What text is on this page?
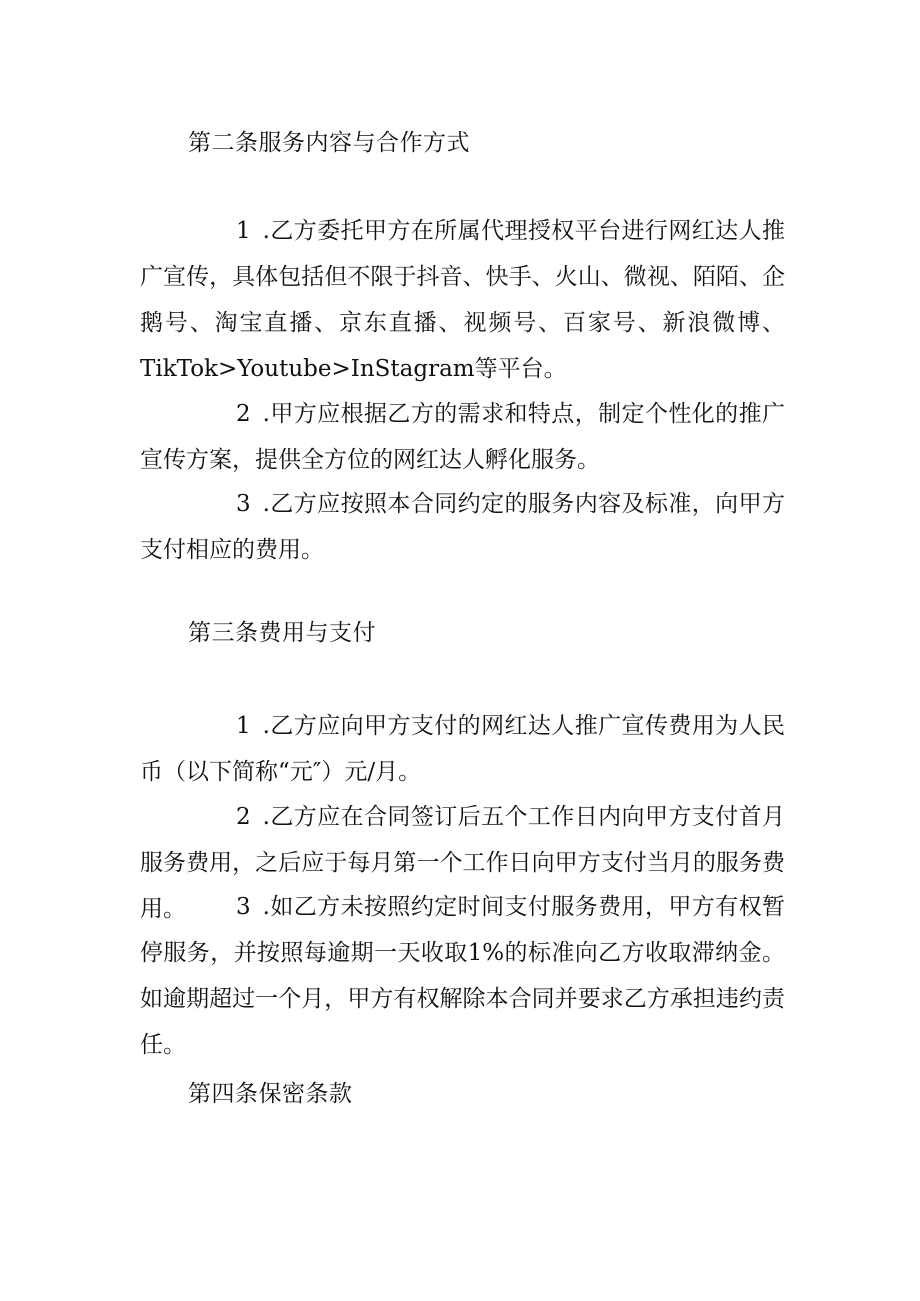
第二条服务内容与合作方式
1 .乙方委托甲方在所属代理授权平台进行网红达人推广宣传，具体包括但不限于抖音、快手、火山、微视、陌陌、企鹅号、淘宝直播、京东直播、视频号、百家号、新浪微博、TikTok>Youtube>InStagram等平台。
2 .甲方应根据乙方的需求和特点，制定个性化的推广宣传方案，提供全方位的网红达人孵化服务。
3 .乙方应按照本合同约定的服务内容及标准，向甲方支付相应的费用。
第三条费用与支付
1 .乙方应向甲方支付的网红达人推广宣传费用为人民币（以下简称“元″）元/月。
2 .乙方应在合同签订后五个工作日内向甲方支付首月服务费用，之后应于每月第一个工作日向甲方支付当月的服务费用。	3 .如乙方未按照约定时间支付服务费用，甲方有权暂停服务，并按照每逾期一天收取1%的标准向乙方收取滞纳金。如逾期超过一个月，甲方有权解除本合同并要求乙方承担违约责任。
第四条保密条款
